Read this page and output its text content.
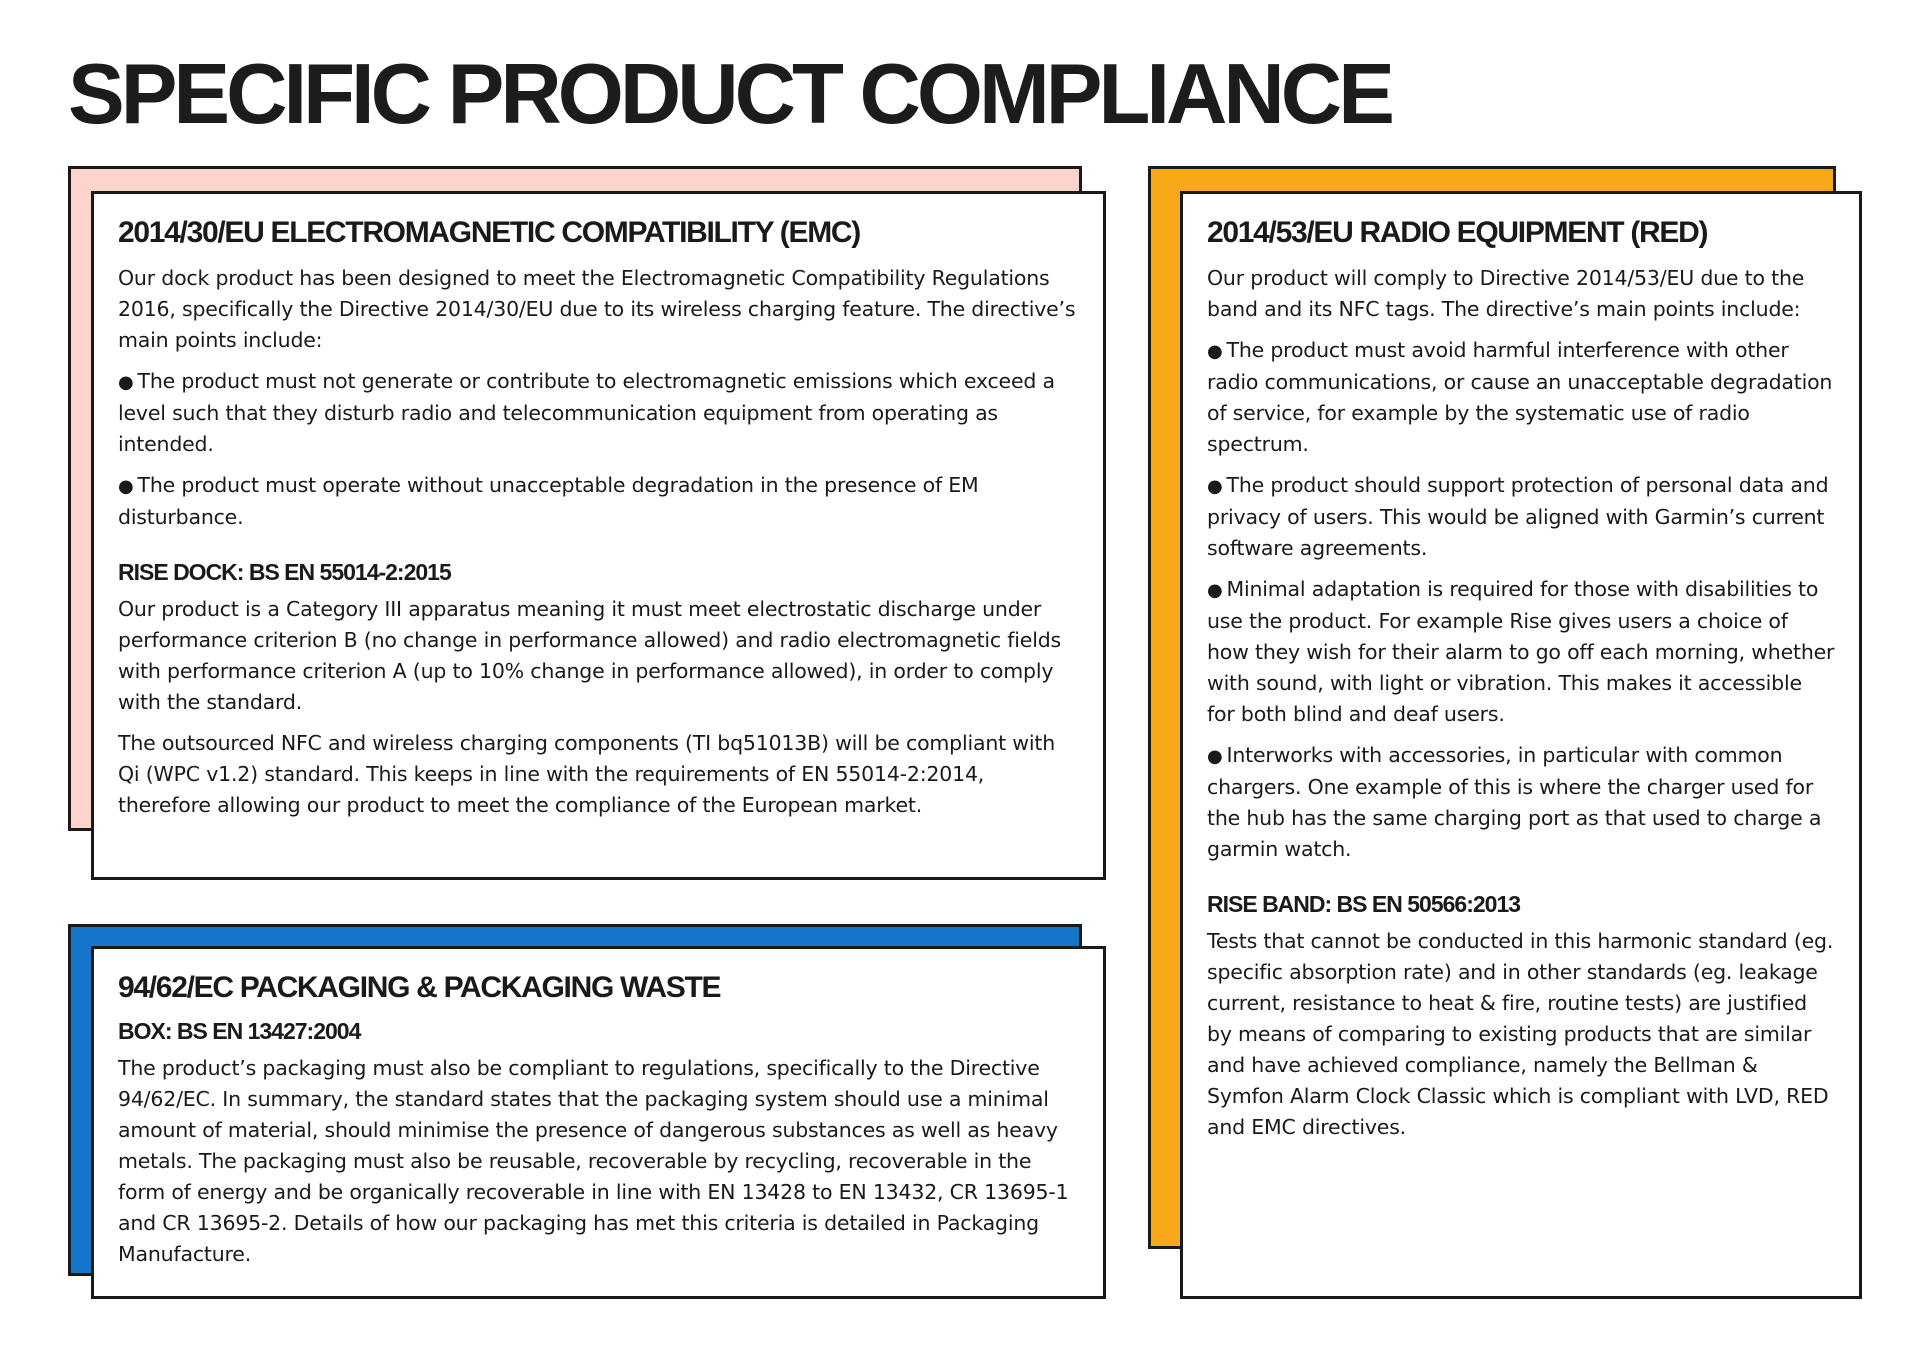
SPECIFIC PRODUCT COMPLIANCE
2014/30/EU ELECTROMAGNETIC COMPATIBILITY (EMC)

Our dock product has been designed to meet the Electromagnetic Compatibility Regulations 2016, specifically the Directive 2014/30/EU due to its wireless charging feature. The directive’s main points include:

● The product must not generate or contribute to electromagnetic emissions which exceed a level such that they disturb radio and telecommunication equipment from operating as intended.
● The product must operate without unacceptable degradation in the presence of EM disturbance.
RISE DOCK: BS EN 55014-2:2015

Our product is a Category III apparatus meaning it must meet electrostatic discharge under performance criterion B (no change in performance allowed) and radio electromagnetic fields with performance criterion A (up to 10% change in performance allowed), in order to comply with the standard.

The outsourced NFC and wireless charging components (TI bq51013B) will be compliant with Qi (WPC v1.2) standard. This keeps in line with the requirements of EN 55014-2:2014, therefore allowing our product to meet the compliance of the European market.

94/62/EC PACKAGING & PACKAGING WASTE
BOX: BS EN 13427:2004

The product’s packaging must also be compliant to regulations, specifically to the Directive 94/62/EC. In summary, the standard states that the packaging system should use a minimal amount of material, should minimise the presence of dangerous substances as well as heavy metals. The packaging must also be reusable, recoverable by recycling, recoverable in the form of energy and be organically recoverable in line with EN 13428 to EN 13432, CR 13695-1 and CR 13695-2. Details of how our packaging has met this criteria is detailed in Packaging Manufacture.

2014/53/EU RADIO EQUIPMENT (RED)

Our product will comply to Directive 2014/53/EU due to the band and its NFC tags. The directive’s main points include:

● The product must avoid harmful interference with other radio communications, or cause an unacceptable degradation of service, for example by the systematic use of radio spectrum.
● The product should support protection of personal data and privacy of users. This would be aligned with Garmin’s current software agreements.
● Minimal adaptation is required for those with disabilities to use the product. For example Rise gives users a choice of how they wish for their alarm to go off each morning, whether with sound, with light or vibration. This makes it accessible for both blind and deaf users.
● Interworks with accessories, in particular with common chargers. One example of this is where the charger used for the hub has the same charging port as that used to charge a garmin watch.
RISE BAND: BS EN 50566:2013

Tests that cannot be conducted in this harmonic standard (eg. specific absorption rate) and in other standards (eg. leakage current, resistance to heat & fire, routine tests) are justified by means of comparing to existing products that are similar and have achieved compliance, namely the Bellman & Symfon Alarm Clock Classic which is compliant with LVD, RED and EMC directives.
